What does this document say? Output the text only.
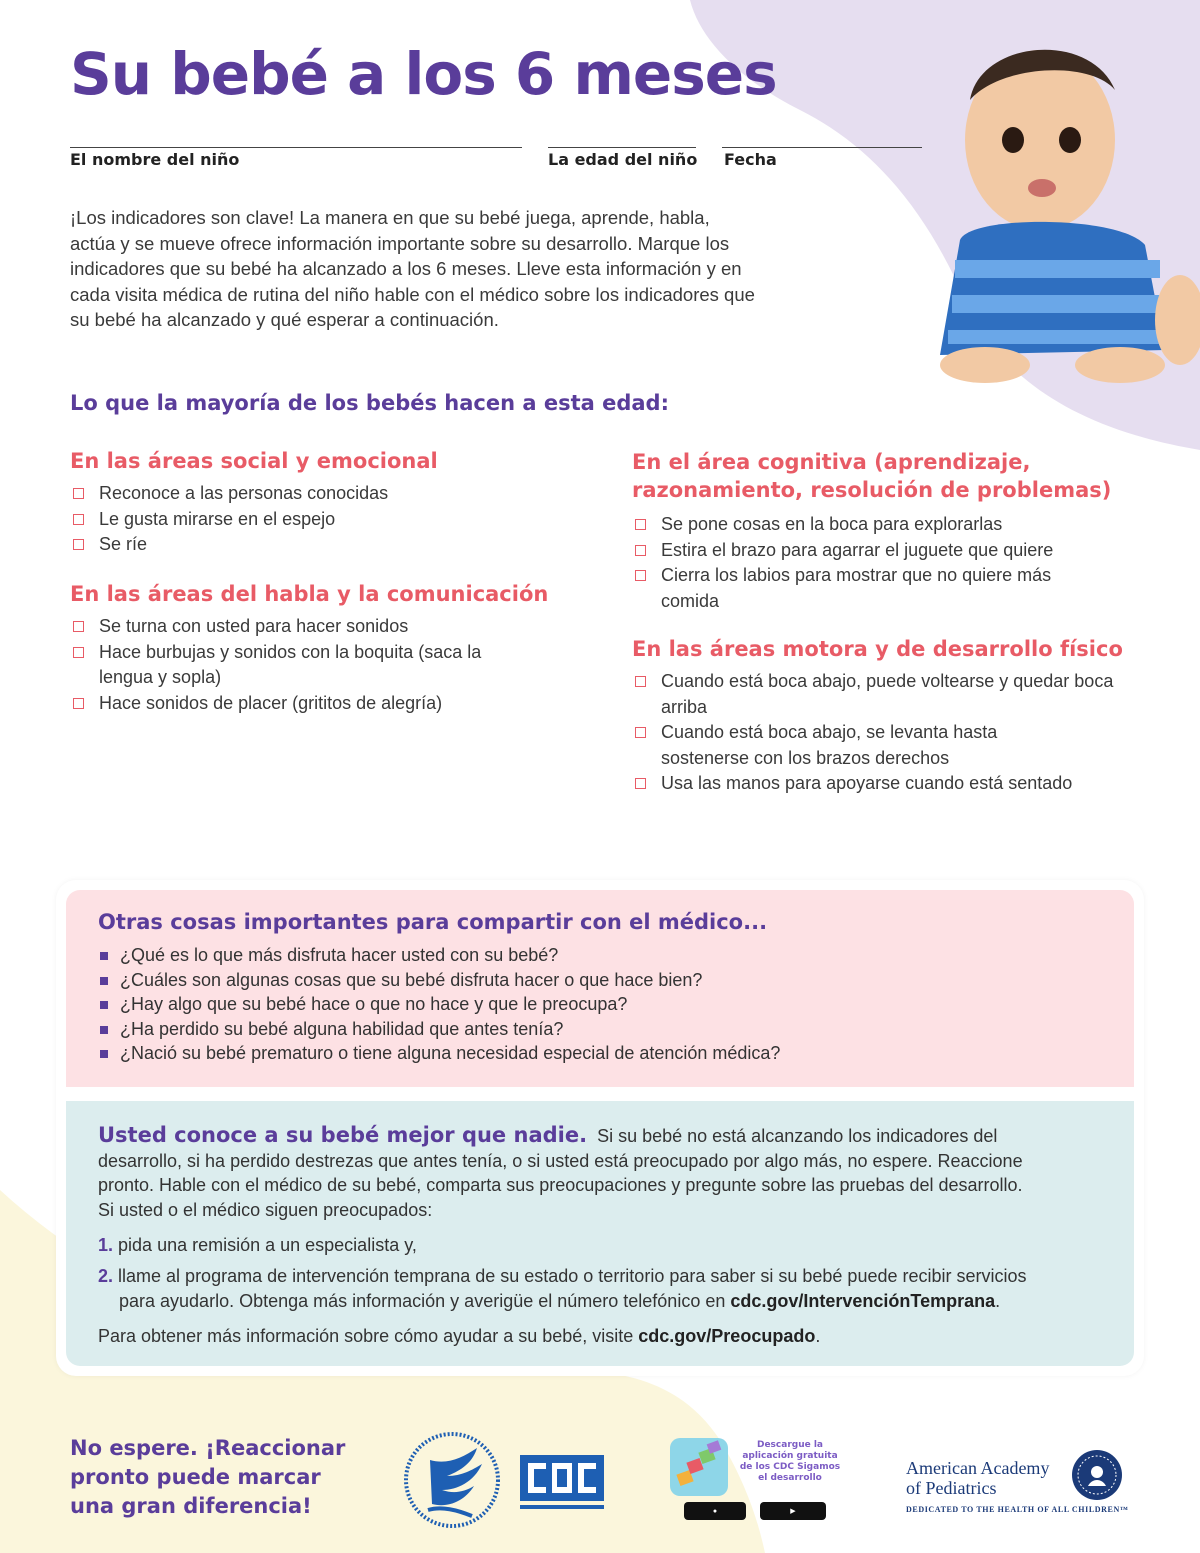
Su bebé a los 6 meses
El nombre del niño	La edad del niño Fecha

¡Los indicadores son clave! La manera en que su bebé juega, aprende, habla,
actúa y se mueve ofrece información importante sobre su desarrollo. Marque los
indicadores que su bebé ha alcanzado a los 6 meses. Lleve esta información y en
cada visita médica de rutina del niño hable con el médico sobre los indicadores que
su bebé ha alcanzado y qué esperar a continuación.

Lo que la mayoría de los bebés hacen a esta edad:
En las áreas social y emocional
Reconoce a las personas conocidas
Le gusta mirarse en el espejo
Se ríe
En las áreas del habla y la comunicación
Se turna con usted para hacer sonidos
Hace burbujas y sonidos con la boquita (saca la lengua y sopla)
Hace sonidos de placer (grititos de alegría)
En el área cognitiva (aprendizaje,
razonamiento, resolución de problemas)
Se pone cosas en la boca para explorarlas
Estira el brazo para agarrar el juguete que quiere
Cierra los labios para mostrar que no quiere más comida
En las áreas motora y de desarrollo físico
Cuando está boca abajo, puede voltearse y quedar boca arriba
Cuando está boca abajo, se levanta hasta sostenerse con los brazos derechos
Usa las manos para apoyarse cuando está sentado
Otras cosas importantes para compartir con el médico...
¿Qué es lo que más disfruta hacer usted con su bebé?
¿Cuáles son algunas cosas que su bebé disfruta hacer o que hace bien?
¿Hay algo que su bebé hace o que no hace y que le preocupa?
¿Ha perdido su bebé alguna habilidad que antes tenía?
¿Nació su bebé prematuro o tiene alguna necesidad especial de atención médica?
Usted conoce a su bebé mejor que nadie. Si su bebé no está alcanzando los indicadores del
desarrollo, si ha perdido destrezas que antes tenía, o si usted está preocupado por algo más, no espere. Reaccione
pronto. Hable con el médico de su bebé, comparta sus preocupaciones y pregunte sobre las pruebas del desarrollo.
Si usted o el médico siguen preocupados:
1. pida una remisión a un especialista y,
2. llame al programa de intervención temprana de su estado o territorio para saber si su bebé puede recibir servicios
para ayudarlo. Obtenga más información y averigüe el número telefónico en cdc.gov/IntervenciónTemprana.
Para obtener más información sobre cómo ayudar a su bebé, visite cdc.gov/Preocupado.

No espere. ¡Reaccionar
pronto puede marcar
una gran diferencia!

Descargue la
aplicación gratuita
de los CDC Sigamos
el desarrollo
●	▶
American Academy
of Pediatrics
DEDICATED TO THE HEALTH OF ALL CHILDREN™
